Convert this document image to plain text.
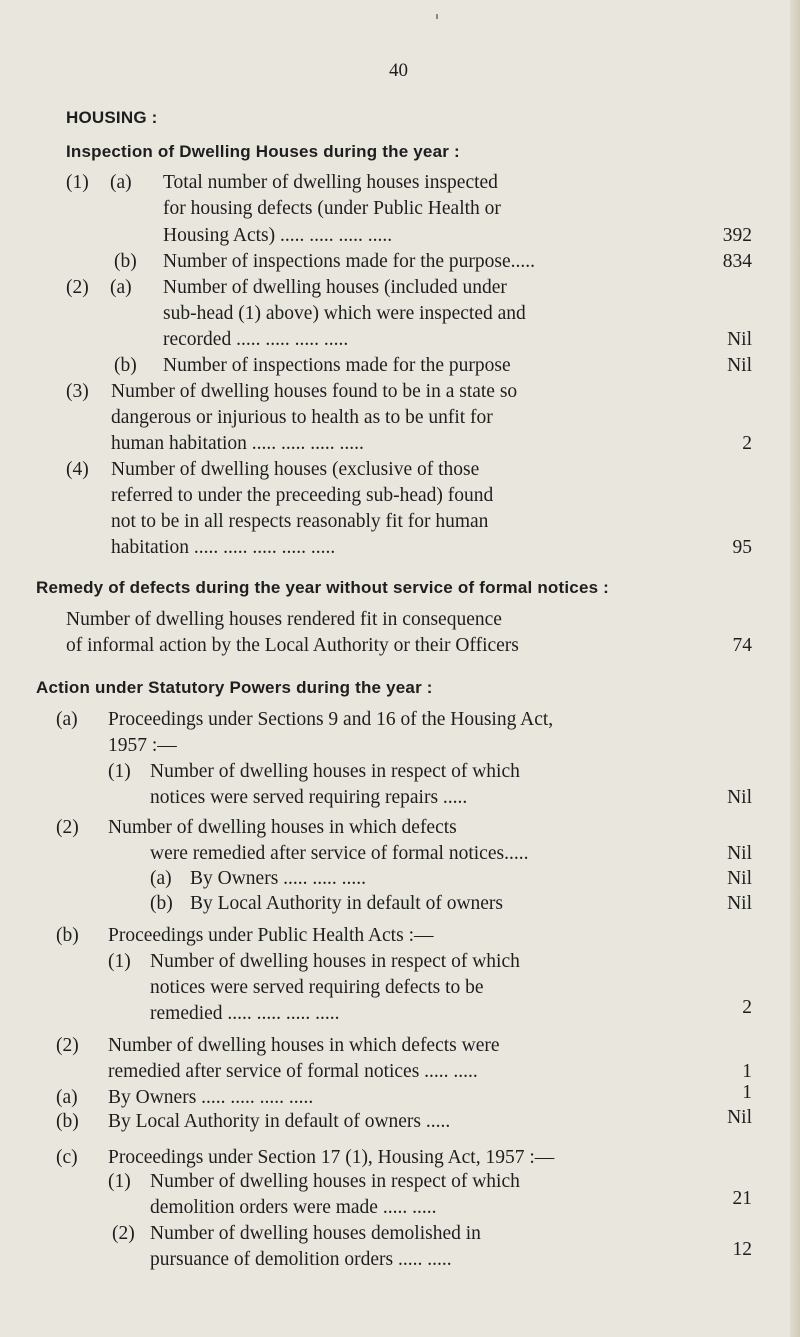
40
HOUSING :
Inspection of Dwelling Houses during the year :
(1) (a) Total number of dwelling houses inspected
for housing defects (under Public Health or
Housing Acts) ..... ..... ..... .....	392
(b) Number of inspections made for the purpose.....	834
(2) (a) Number of dwelling houses (included under
sub-head (1) above) which were inspected and
recorded ..... ..... ..... .....	Nil
(b) Number of inspections made for the purpose	Nil
(3) Number of dwelling houses found to be in a state so
dangerous or injurious to health as to be unfit for
human habitation ..... ..... ..... .....	2
(4) Number of dwelling houses (exclusive of those
referred to under the preceeding sub-head) found
not to be in all respects reasonably fit for human
habitation ..... ..... ..... ..... .....	95
Remedy of defects during the year without service of formal notices :
Number of dwelling houses rendered fit in consequence
of informal action by the Local Authority or their Officers	74
Action under Statutory Powers during the year :
(a) Proceedings under Sections 9 and 16 of the Housing Act,
1957 :—
(1) Number of dwelling houses in respect of which
notices were served requiring repairs .....	Nil
(2) Number of dwelling houses in which defects
were remedied after service of formal notices.....	Nil
(a) By Owners ..... ..... .....	Nil
(b) By Local Authority in default of owners	Nil
(b) Proceedings under Public Health Acts :—
(1) Number of dwelling houses in respect of which
notices were served requiring defects to be
remedied ..... ..... ..... .....	2
(2) Number of dwelling houses in which defects were
remedied after service of formal notices ..... .....	1
(a) By Owners ..... ..... ..... .....	1
(b) By Local Authority in default of owners .....	Nil
(c) Proceedings under Section 17 (1), Housing Act, 1957 :—
(1) Number of dwelling houses in respect of which
demolition orders were made ..... .....	21
(2) Number of dwelling houses demolished in
pursuance of demolition orders ..... .....	12
